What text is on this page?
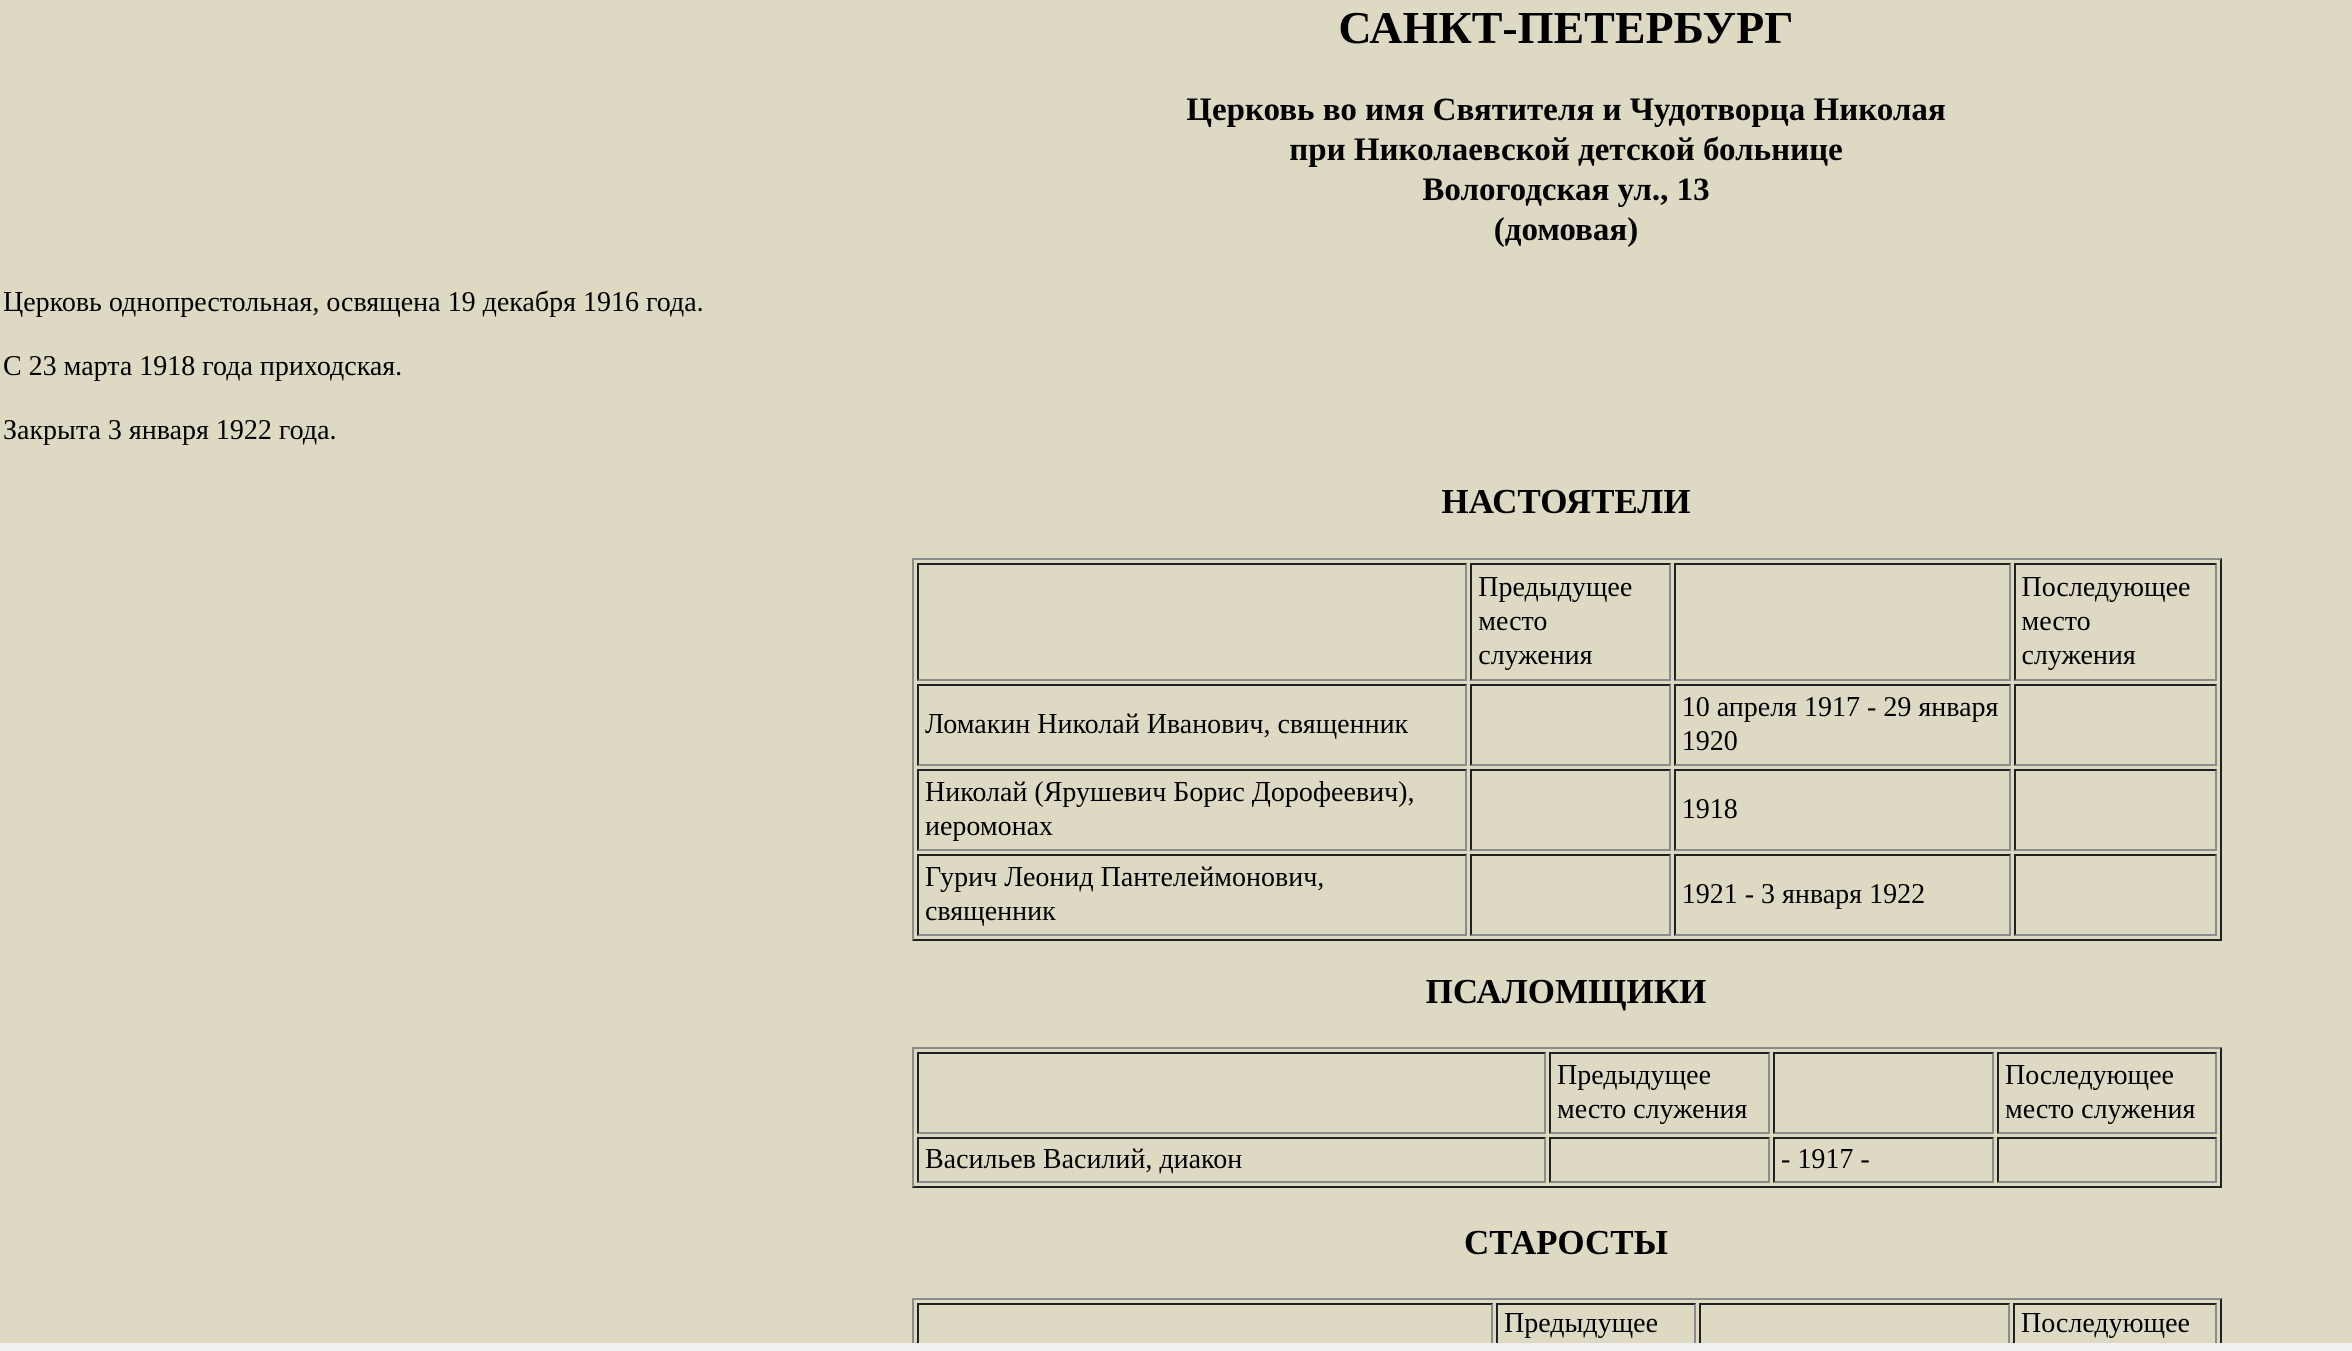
САНКТ-ПЕТЕРБУРГ
Церковь во имя Святителя и Чудотворца Николая
при Николаевской детской больнице
Вологодская ул., 13
(домовая)

Церковь однопрестольная, освящена 19 декабря 1916 года.

С 23 марта 1918 года приходская.

Закрыта 3 января 1922 года.

НАСТОЯТЕЛИ
	Предыдущее место служения		Последующее место служения
Ломакин Николай Иванович, священник		10 апреля 1917 - 29 января 1920	
Николай (Ярушевич Борис Дорофеевич), иеромонах		1918	
Гурич Леонид Пантелеймонович, священник		1921 - 3 января 1922	
ПСАЛОМЩИКИ
	Предыдущее место служения		Последующее место служения
Васильев Василий, диакон		- 1917 -	
СТАРОСТЫ
	Предыдущее		Последующее
